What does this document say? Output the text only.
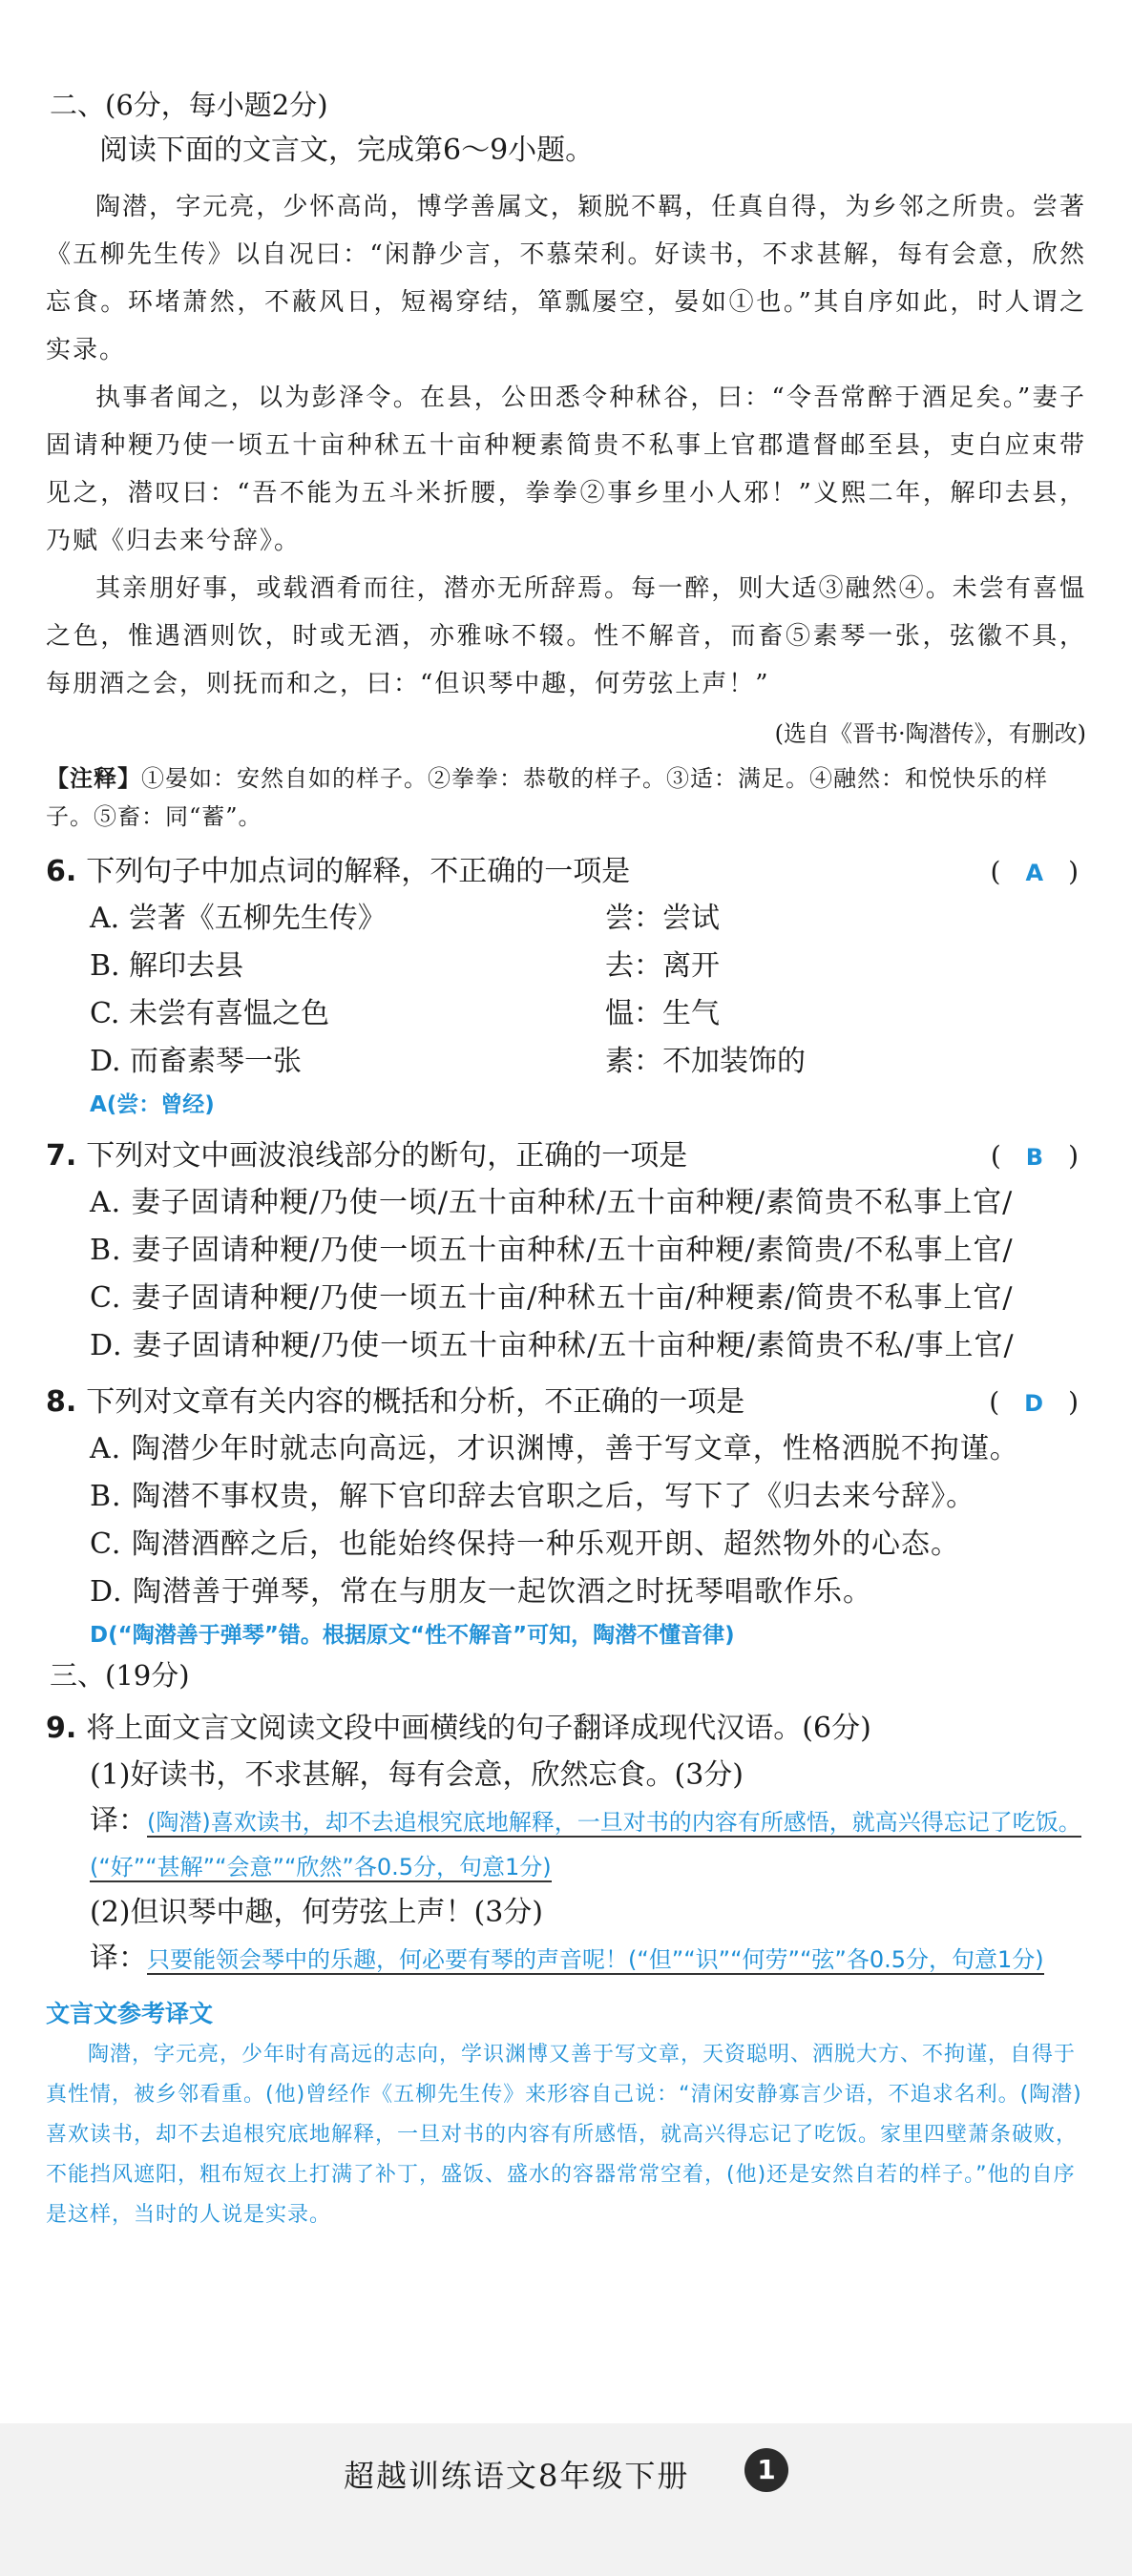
二、(6分，每小题2分)
阅读下面的文言文，完成第6～9小题。

陶潜，字元亮，少怀高尚，博学善属文，颖脱不羁，任真自得，为乡邻之所贵。尝著《五柳先生传》以自况曰：“闲静少言，不慕荣利。好读书，不求甚解，每有会意，欣然忘食。环堵萧然，不蔽风日，短褐穿结，箪瓢屡空，晏如①也。”其自序如此，时人谓之实录。

执事者闻之，以为彭泽令。在县，公田悉令种秫谷，曰：“令吾常醉于酒足矣。”妻子固请种粳乃使一顷五十亩种秫五十亩种粳素简贵不私事上官郡遣督邮至县，吏白应束带见之，潜叹曰：“吾不能为五斗米折腰，拳拳②事乡里小人邪！”义熙二年，解印去县，乃赋《归去来兮辞》。

其亲朋好事，或载酒肴而往，潜亦无所辞焉。每一醉，则大适③融然④。未尝有喜愠之色，惟遇酒则饮，时或无酒，亦雅咏不辍。性不解音，而畜⑤素琴一张，弦徽不具，每朋酒之会，则抚而和之，曰：“但识琴中趣，何劳弦上声！”

(选自《晋书·陶潜传》，有删改)
【注释】①晏如：安然自如的样子。②拳拳：恭敬的样子。③适：满足。④融然：和悦快乐的样子。⑤畜：同“蓄”。
6. 下列句子中加点词的解释，不正确的一项是	( A )
A. 尝著《五柳先生传》	尝：尝试
B. 解印去县	去：离开
C. 未尝有喜愠之色	愠：生气
D. 而畜素琴一张	素：不加装饰的
A(尝：曾经)
7. 下列对文中画波浪线部分的断句，正确的一项是	( B )
A. 妻子固请种粳/乃使一顷/五十亩种秫/五十亩种粳/素简贵不私事上官/
B. 妻子固请种粳/乃使一顷五十亩种秫/五十亩种粳/素简贵/不私事上官/
C. 妻子固请种粳/乃使一顷五十亩/种秫五十亩/种粳素/简贵不私事上官/
D. 妻子固请种粳/乃使一顷五十亩种秫/五十亩种粳/素简贵不私/事上官/
8. 下列对文章有关内容的概括和分析，不正确的一项是	( D )
A. 陶潜少年时就志向高远，才识渊博，善于写文章，性格洒脱不拘谨。
B. 陶潜不事权贵，解下官印辞去官职之后，写下了《归去来兮辞》。
C. 陶潜酒醉之后，也能始终保持一种乐观开朗、超然物外的心态。
D. 陶潜善于弹琴，常在与朋友一起饮酒之时抚琴唱歌作乐。
D(“陶潜善于弹琴”错。根据原文“性不解音”可知，陶潜不懂音律)
三、(19分)
9. 将上面文言文阅读文段中画横线的句子翻译成现代汉语。(6分)
(1)好读书，不求甚解，每有会意，欣然忘食。(3分)
译：(陶潜)喜欢读书，却不去追根究底地解释，一旦对书的内容有所感悟，就高兴得忘记了吃饭。(“好”“甚解”“会意”“欣然”各0.5分，句意1分)
(2)但识琴中趣，何劳弦上声！(3分)
译：只要能领会琴中的乐趣，何必要有琴的声音呢！(“但”“识”“何劳”“弦”各0.5分，句意1分)
文言文参考译文
陶潜，字元亮，少年时有高远的志向，学识渊博又善于写文章，天资聪明、洒脱大方、不拘谨，自得于真性情，被乡邻看重。(他)曾经作《五柳先生传》来形容自己说：“清闲安静寡言少语，不追求名利。(陶潜)喜欢读书，却不去追根究底地解释，一旦对书的内容有所感悟，就高兴得忘记了吃饭。家里四壁萧条破败，不能挡风遮阳，粗布短衣上打满了补丁，盛饭、盛水的容器常常空着，(他)还是安然自若的样子。”他的自序是这样，当时的人说是实录。
超越训练语文8年级下册	1
